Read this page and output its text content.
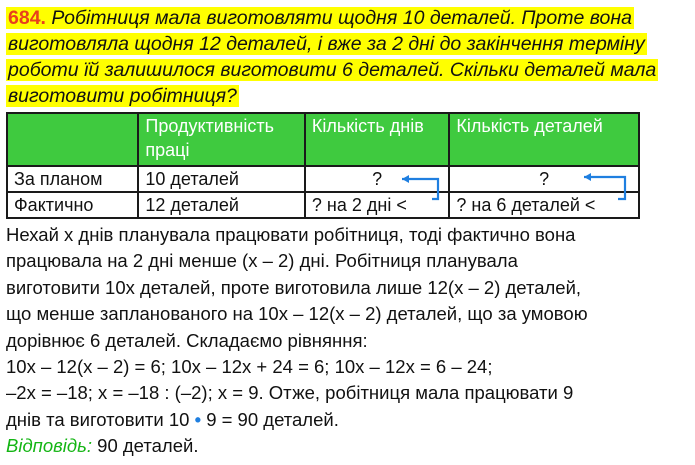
684. Робітниця мала виготовляти щодня 10 деталей. Проте вона
виготовляла щодня 12 деталей, і вже за 2 дні до закінчення терміну
роботи їй залишилося виготовити 6 деталей. Скільки деталей мала
виготовити робітниця?
	Продуктивність праці	Кількість днів	Кількість деталей
За планом	10 деталей	?	?
Фактично	12 деталей	? на 2 дні <	? на 6 деталей <
Нехай х днів планувала працювати робітниця, тоді фактично вона
працювала на 2 дні менше (х – 2) дні. Робітниця планувала
виготовити 10х деталей, проте виготовила лише 12(х – 2) деталей,
що менше запланованого на 10х – 12(х – 2) деталей, що за умовою
дорівнює 6 деталей. Складаємо рівняння:
10х – 12(х – 2) = 6; 10х – 12х + 24 = 6; 10х – 12х = 6 – 24;
–2х = –18; х = –18 : (–2); х = 9. Отже, робітниця мала працювати 9
днів та виготовити 10 • 9 = 90 деталей.
Відповідь: 90 деталей.
